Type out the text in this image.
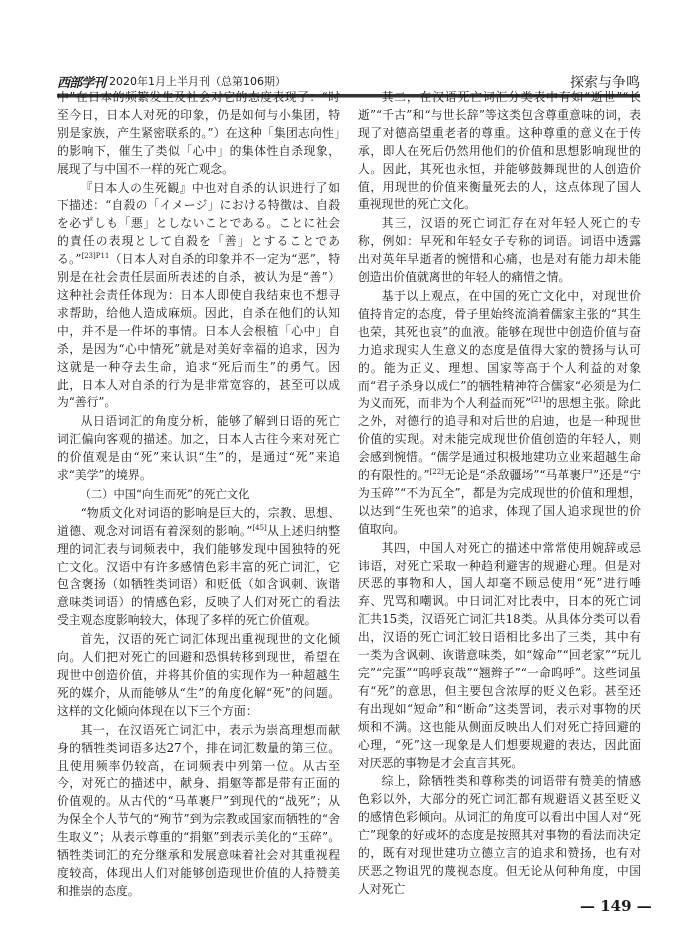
西部学刊 2020年1月上半月刊（总第106期）	探索与争鸣

中”在日本的频繁发生及社会对它的态度表现了：“时至今日，日本人对死的印象，仍是如何与小集团，特别是家族，产生紧密联系的。”）在这种「集团志向性」的影响下，催生了类似「心中」的集体性自杀现象，展现了与中国不一样的死亡观念。

『日本人の生死観』中也对自杀的认识进行了如下描述：“自殺の「イメージ」における特徴は、自殺を必ずしも「悪」としないことである。ことに社会的責任の表現として自殺を「善」とすることである。”$^{[23]P11}$（日本人对自杀的印象并不一定为“恶”，特别是在社会责任层面所表述的自杀，被认为是“善”）这种社会责任体现为：日本人即使自我结束也不想寻求帮助，给他人造成麻烦。因此，自杀在他们的认知中，并不是一件坏的事情。日本人会根植「心中」自杀，是因为“心中情死”就是对美好幸福的追求，因为这就是一种夺去生命，追求“死后而生”的勇气。因此，日本人对自杀的行为是非常宽容的，甚至可以成为“善行”。

从日语词汇的角度分析，能够了解到日语的死亡词汇偏向客观的描述。加之，日本人古往今来对死亡的价值观是由“死”来认识“生”的，是通过“死”来追求“美学”的境界。

（二）中国“向生而死”的死亡文化

“物质文化对词语的影响是巨大的，宗教、思想、道德、观念对词语有着深刻的影响。”[45]从上述归纳整理的词汇表与词频表中，我们能够发现中国独特的死亡文化。汉语中有许多感情色彩丰富的死亡词汇，它包含褒扬（如牺牲类词语）和贬低（如含讽刺、诙谐意味类词语）的情感色彩，反映了人们对死亡的看法受主观态度影响较大，体现了多样的死亡价值观。

首先，汉语的死亡词汇体现出重视现世的文化倾向。人们把对死亡的回避和恐惧转移到现世，希望在现世中创造价值，并将其价值的实现作为一种超越生死的媒介，从而能够从“生”的角度化解“死”的问题。这样的文化倾向体现在以下三个方面：

其一，在汉语死亡词汇中，表示为崇高理想而献身的牺牲类词语多达27个，排在词汇数量的第三位。且使用频率仍较高，在词频表中列第一位。从古至今，对死亡的描述中，献身、捐躯等都是带有正面的价值观的。从古代的“马革裹尸”到现代的“战死”；从为保全个人节气的“殉节”到为宗教或国家而牺牲的“舍生取义”；从表示尊重的“捐躯”到表示美化的“玉碎”。牺牲类词汇的充分继承和发展意味着社会对其重视程度较高，体现出人们对能够创造现世价值的人持赞美和推崇的态度。

其二，在汉语死亡词汇分类表中有如“逝世”“长逝”“千古”和“与世长辞”等这类包含尊重意味的词，表现了对德高望重老者的尊重。这种尊重的意义在于传承，即人在死后仍然用他们的价值和思想影响现世的人。因此，其死也永恒，并能够鼓舞现世的人创造价值，用现世的价值来衡量死去的人，这点体现了国人重视现世的死亡文化。

其三，汉语的死亡词汇存在对年轻人死亡的专称，例如：早死和年轻女子专称的词语。词语中透露出对英年早逝者的惋惜和心痛，也是对有能力却未能创造出价值就离世的年轻人的痛惜之情。

基于以上观点，在中国的死亡文化中，对现世价值持肯定的态度，骨子里始终流淌着儒家主张的“其生也荣，其死也哀”的血液。能够在现世中创造价值与奋力追求现实人生意义的态度是值得大家的赞扬与认可的。能为正义、理想、国家等高于个人利益的对象而“君子杀身以成仁”的牺牲精神符合儒家“必须是为仁为义而死，而非为个人利益而死”[21]的思想主张。除此之外，对德行的追寻和对后世的启迪，也是一种现世价值的实现。对未能完成现世价值创造的年轻人，则会感到惋惜。“儒学是通过积极地建功立业来超越生命的有限性的。”[22]无论是“杀敌疆场”“马革裹尸”还是“宁为玉碎”“不为瓦全”，都是为完成现世的价值和理想，以达到“生死也荣”的追求，体现了国人追求现世的价值取向。

其四，中国人对死亡的描述中常常使用婉辞或忌讳语，对死亡采取一种趋利避害的规避心理。但是对厌恶的事物和人，国人却毫不顾忌使用“死”进行唾弃、咒骂和嘲讽。中日词汇对比表中，日本的死亡词汇共15类，汉语死亡词汇共18类。从具体分类可以看出，汉语的死亡词汇较日语相比多出了三类，其中有一类为含讽刺、诙谐意味类，如“嫁命”“回老家”“玩儿完”“完蛋”“呜呼哀哉”“翘辫子”“一命呜呼”。这些词虽有“死”的意思，但主要包含浓厚的贬义色彩。甚至还有出现如“短命”和“断命”这类詈词，表示对事物的厌烦和不满。这也能从侧面反映出人们对死亡持回避的心理，“死”这一现象是人们想要规避的表达，因此面对厌恶的事物是才会直言其死。

综上，除牺牲类和尊称类的词语带有赞美的情感色彩以外，大部分的死亡词汇都有规避语义甚至贬义的感情色彩倾向。从词汇的角度可以看出中国人对“死亡”现象的好或坏的态度是按照其对事物的看法而决定的，既有对现世建功立德立言的追求和赞扬，也有对厌恶之物诅咒的蔑视态度。但无论从何种角度，中国人对死亡

— 149 —
